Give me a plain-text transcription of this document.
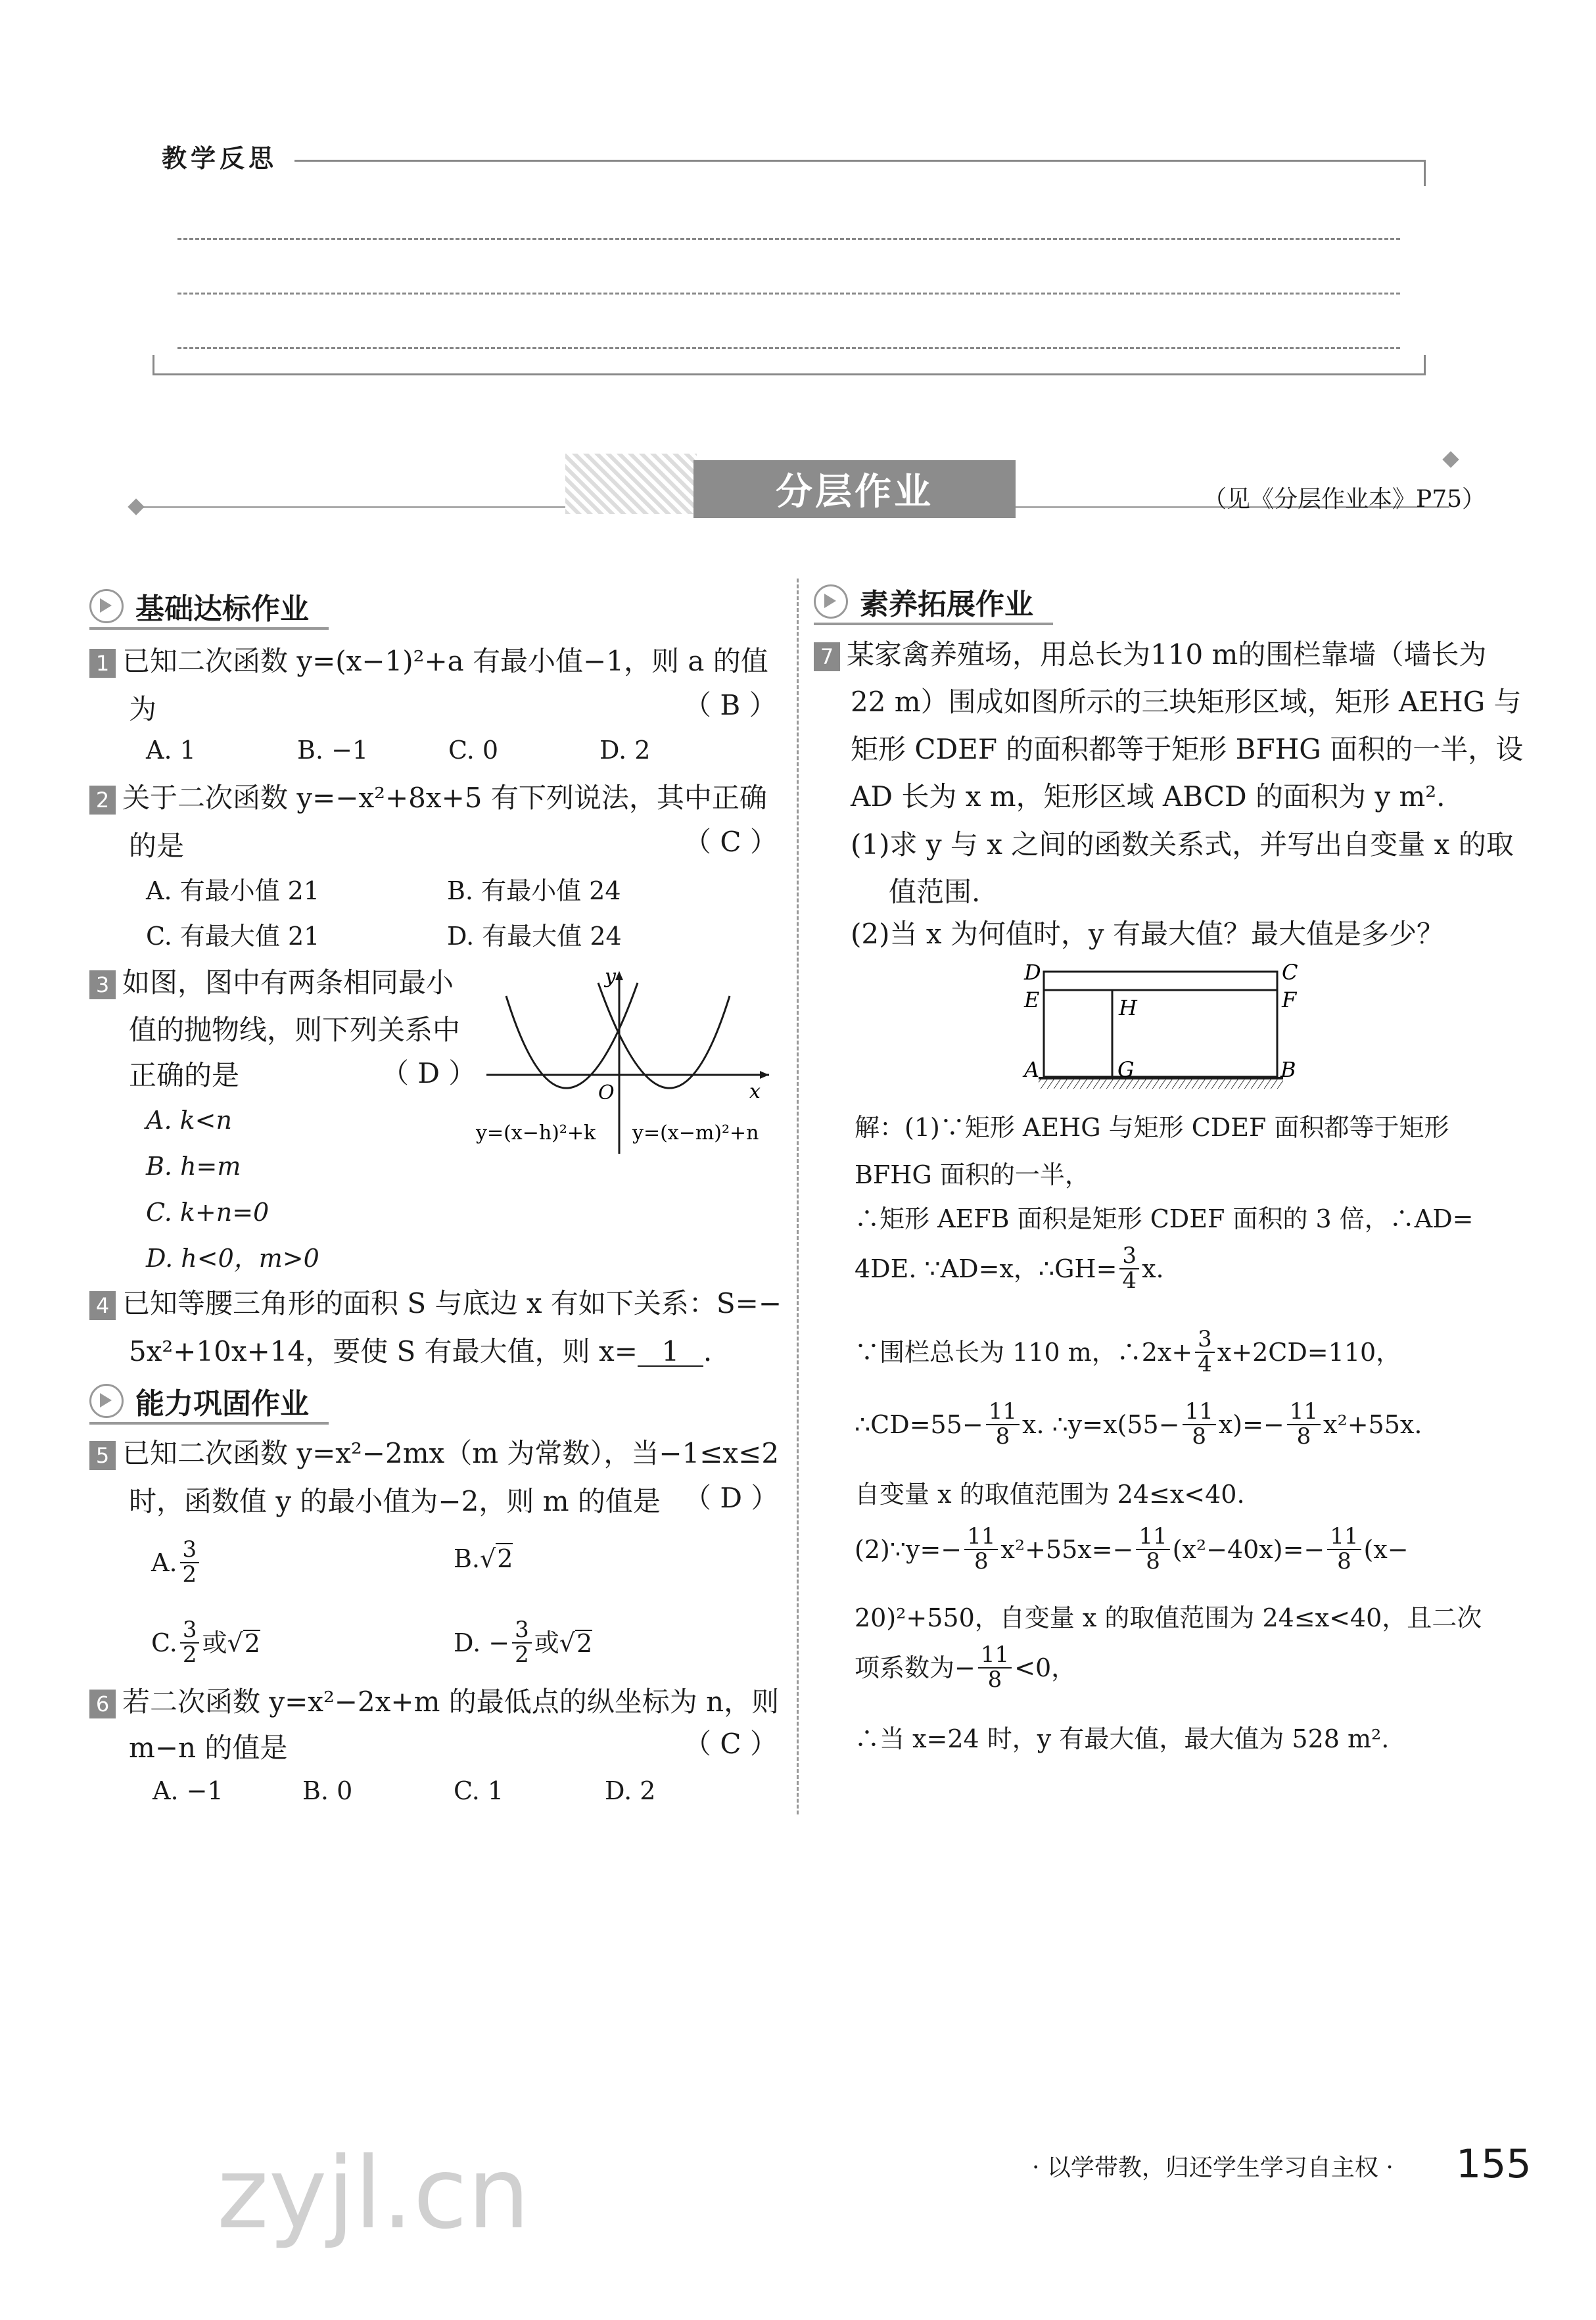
教学反思
分层作业	（见《分层作业本》P75）
基础达标作业
1 已知二次函数 y=(x−1)²+a 有最小值−1，则 a 的值
为	（ B ）
A. 1	B. −1	C. 0	D. 2
2 关于二次函数 y=−x²+8x+5 有下列说法，其中正确
的是	（ C ）
A. 有最小值 21	B. 有最小值 24
C. 有最大值 21	D. 有最大值 24
3 如图，图中有两条相同最小
值的抛物线，则下列关系中
正确的是	（ D ）
A. k<n
B. h=m
C. k+n=0
D. h<0，m>0
y
x
O
y=(x−h)²+k y=(x−m)²+n
4 已知等腰三角形的面积 S 与底边 x 有如下关系：S=−
5x²+10x+14，要使 S 有最大值，则 x= 1 .
能力巩固作业
5 已知二次函数 y=x²−2mx（m 为常数），当−1≤x≤2
时，函数值 y 的最小值为−2，则 m 的值是 （ D ）
A. $\frac{3}{2}$	B.√2
C. $\frac{3}{2}$ 或 √ 2	D. − $\frac{3}{2}$ 或 √ 2
6 若二次函数 y=x²−2x+m 的最低点的纵坐标为 n，则
m−n 的值是	（ C ）
A. −1	B. 0	C. 1	D. 2
素养拓展作业
7 某家禽养殖场，用总长为110 m的围栏靠墙（墙长为
22 m）围成如图所示的三块矩形区域，矩形 AEHG 与
矩形 CDEF 的面积都等于矩形 BFHG 面积的一半，设
AD 长为 x m，矩形区域 ABCD 的面积为 y m².
(1)求 y 与 x 之间的函数关系式，并写出自变量 x 的取
值范围.
(2)当 x 为何值时，y 有最大值？最大值是多少？
D	C
E	F
H
A	G	B
解：(1)∵矩形 AEHG 与矩形 CDEF 面积都等于矩形
BFHG 面积的一半，
∴矩形 AEFB 面积是矩形 CDEF 面积的 3 倍，∴AD=
4DE. ∵AD=x，∴GH= $\frac{3}{4} x$.
∵围栏总长为 110 m，∴2x+ $\frac{3}{4} x+2CD=110$，
∴CD=55− $\frac{11}{8} x$. ∴y=x(55− $\frac{11}{8} x)=- \frac{11}{8} x^2+55x$.
自变量 x 的取值范围为 24≤x<40.
(2)∵y=− $\frac{11}{8} x^2+55x=- \frac{11}{8} (x^2-40x)=- \frac{11}{8} (x-$
20)²+550，自变量 x 的取值范围为 24≤x<40，且二次
项系数为− $\frac{11}{8} <0$，
∴当 x=24 时，y 有最大值，最大值为 528 m².
· 以学带教，归还学生学习自主权 · 155
zyjl.cn
